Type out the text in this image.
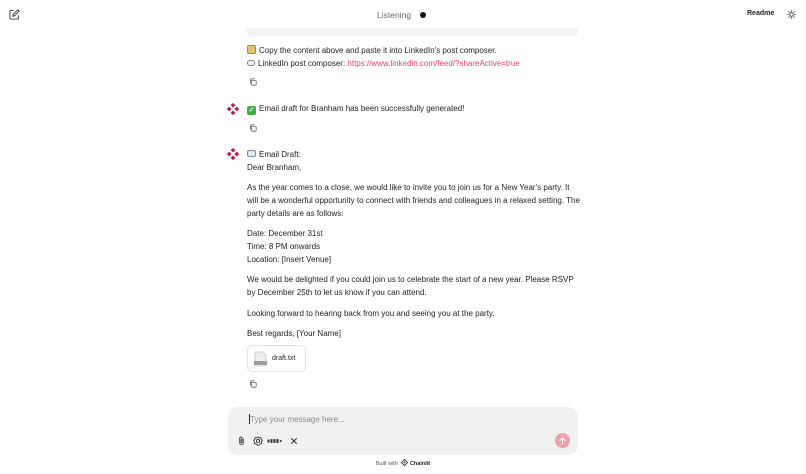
Copy the content above and paste it into LinkedIn's post composer.
LinkedIn post composer: https://www.linkedin.com/feed/?shareActive=true
✓ Email draft for Branham has been successfully generated!
Email Draft:
Dear Branham,
As the year comes to a close, we would like to invite you to join us for a New Year's party. It will be a wonderful opportunity to connect with friends and colleagues in a relaxed setting. The party details are as follows:
Date: December 31st
Time: 8 PM onwards
Location: [Insert Venue]
We would be delighted if you could join us to celebrate the start of a new year. Please RSVP by December 25th to let us know if you can attend.
Looking forward to hearing back from you and seeing you at the party.
Best regards, [Your Name]
draft.txt
Listening	Readme
Type your message here...
Built with Chainlit
